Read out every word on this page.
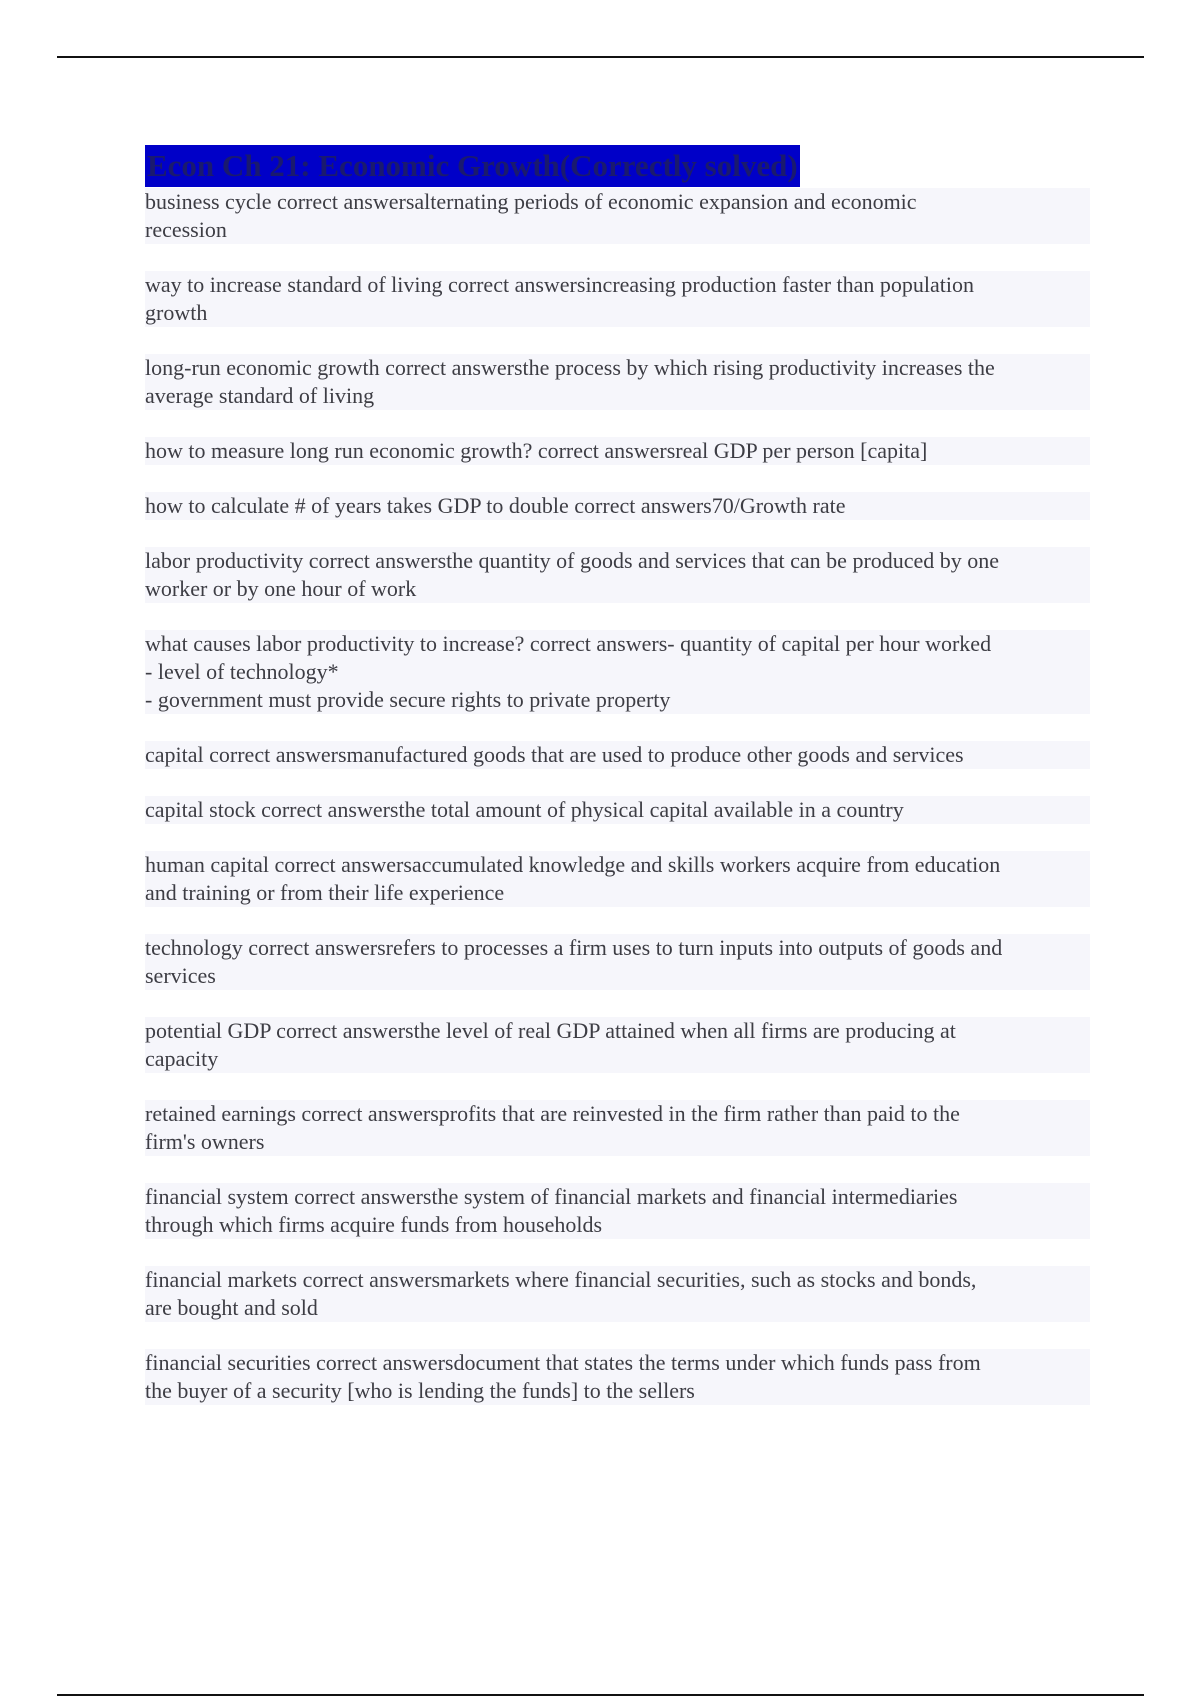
Econ Ch 21: Economic Growth(Correctly solved)
business cycle correct answersalternating periods of economic expansion and economic
recession
way to increase standard of living correct answersincreasing production faster than population
growth
long-run economic growth correct answersthe process by which rising productivity increases the
average standard of living
how to measure long run economic growth? correct answersreal GDP per person [capita]
how to calculate # of years takes GDP to double correct answers70/Growth rate
labor productivity correct answersthe quantity of goods and services that can be produced by one
worker or by one hour of work
what causes labor productivity to increase? correct answers- quantity of capital per hour worked
- level of technology*
- government must provide secure rights to private property
capital correct answersmanufactured goods that are used to produce other goods and services
capital stock correct answersthe total amount of physical capital available in a country
human capital correct answersaccumulated knowledge and skills workers acquire from education
and training or from their life experience
technology correct answersrefers to processes a firm uses to turn inputs into outputs of goods and
services
potential GDP correct answersthe level of real GDP attained when all firms are producing at
capacity
retained earnings correct answersprofits that are reinvested in the firm rather than paid to the
firm's owners
financial system correct answersthe system of financial markets and financial intermediaries
through which firms acquire funds from households
financial markets correct answersmarkets where financial securities, such as stocks and bonds,
are bought and sold
financial securities correct answersdocument that states the terms under which funds pass from
the buyer of a security [who is lending the funds] to the sellers
